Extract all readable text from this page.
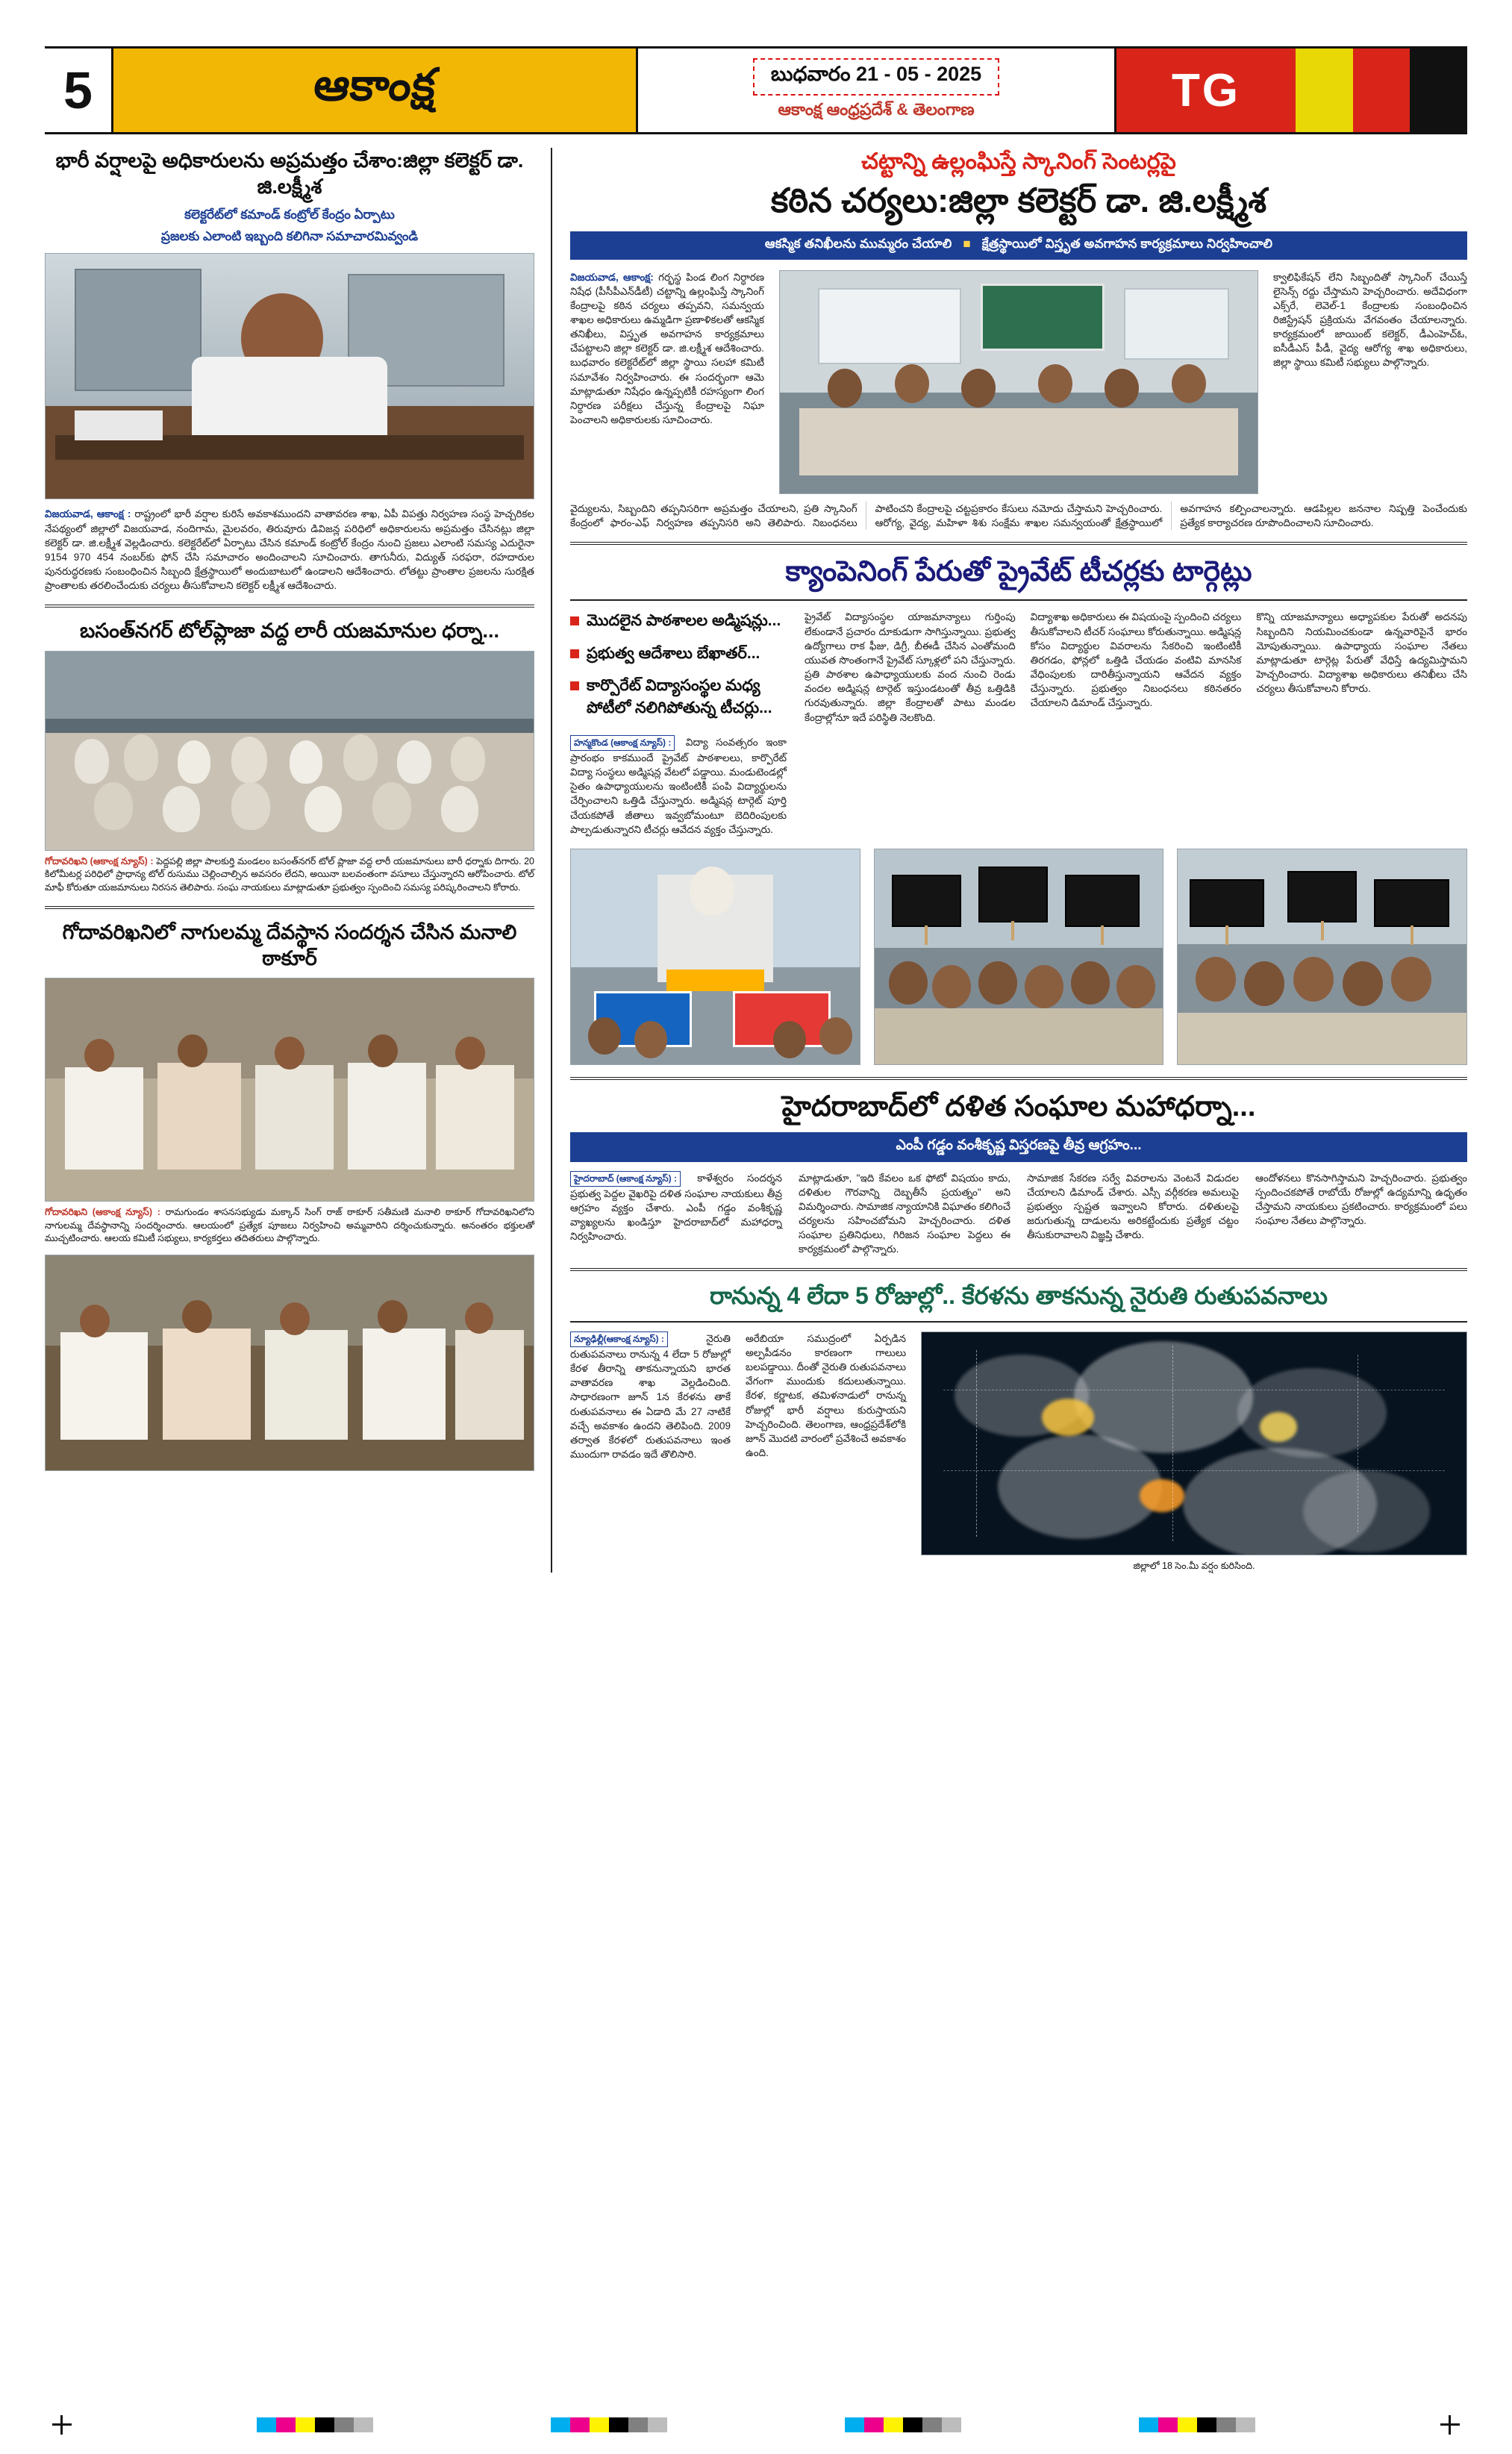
5	ఆకాంక్ష	బుధవారం 21 - 05 - 2025
ఆకాంక్ష ఆంధ్రప్రదేశ్ & తెలంగాణ	TG
భారీ వర్షాలపై అధికారులను అప్రమత్తం చేశాం:జిల్లా కలెక్టర్ డా. జి.లక్ష్మీశ
కలెక్టరేట్‌లో కమాండ్ కంట్రోల్ కేంద్రం ఏర్పాటు
ప్రజలకు ఎలాంటి ఇబ్బంది కలిగినా సమాచారమివ్వండి
విజయవాడ, ఆకాంక్ష : రాష్ట్రంలో భారీ వర్షాల కురిసే అవకాశముందని వాతావరణ శాఖ, ఏపీ విపత్తు నిర్వహణ సంస్థ హెచ్చరికల నేపథ్యంలో జిల్లాలో విజయవాడ, నందిగామ, మైలవరం, తిరువూరు డివిజన్ల పరిధిలో అధికారులను అప్రమత్తం చేసినట్లు జిల్లా కలెక్టర్ డా. జి.లక్ష్మీశ వెల్లడించారు. కలెక్టరేట్‌లో ఏర్పాటు చేసిన కమాండ్ కంట్రోల్ కేంద్రం నుంచి ప్రజలు ఎలాంటి సమస్య ఎదురైనా 9154 970 454 నంబర్‌కు ఫోన్ చేసి సమాచారం అందించాలని సూచించారు. తాగునీరు, విద్యుత్ సరఫరా, రహదారుల పునరుద్ధరణకు సంబంధించిన సిబ్బంది క్షేత్రస్థాయిలో అందుబాటులో ఉండాలని ఆదేశించారు. లోతట్టు ప్రాంతాల ప్రజలను సురక్షిత ప్రాంతాలకు తరలించేందుకు చర్యలు తీసుకోవాలని కలెక్టర్ లక్ష్మీశ ఆదేశించారు.
బసంత్‌నగర్ టోల్‌ప్లాజా వద్ద లారీ యజమానుల ధర్నా...
గోదావరిఖని (ఆకాంక్ష న్యూస్) : పెద్దపల్లి జిల్లా పాలకుర్తి మండలం బసంత్‌నగర్ టోల్ ప్లాజా వద్ద లారీ యజమానులు బారీ ధర్నాకు దిగారు. 20 కిలోమీటర్ల పరిధిలో ప్రాధాన్య టోల్ రుసుము చెల్లించాల్సిన అవసరం లేదని, అయినా బలవంతంగా వసూలు చేస్తున్నారని ఆరోపించారు. టోల్ మాఫీ కోరుతూ యజమానులు నిరసన తెలిపారు. సంఘ నాయకులు మాట్లాడుతూ ప్రభుత్వం స్పందించి సమస్య పరిష్కరించాలని కోరారు.
గోదావరిఖనిలో నాగులమ్మ దేవస్థాన సందర్శన చేసిన మనాలి ఠాకూర్
గోదావరిఖని (ఆకాంక్ష న్యూస్) : రామగుండం శాసనసభ్యుడు మక్కాన్ సింగ్ రాజ్ ఠాకూర్ సతీమణి మనాలి ఠాకూర్ గోదావరిఖనిలోని నాగులమ్మ దేవస్థానాన్ని సందర్శించారు. ఆలయంలో ప్రత్యేక పూజలు నిర్వహించి అమ్మవారిని దర్శించుకున్నారు. అనంతరం భక్తులతో ముచ్చటించారు. ఆలయ కమిటీ సభ్యులు, కార్యకర్తలు తదితరులు పాల్గొన్నారు.
చట్టాన్ని ఉల్లంఘిస్తే స్కానింగ్ సెంటర్లపై
కఠిన చర్యలు:జిల్లా కలెక్టర్ డా. జి.లక్ష్మీశ
ఆకస్మిక తనిఖీలను ముమ్మరం చేయాలి ■ క్షేత్రస్థాయిలో విస్తృత అవగాహన కార్యక్రమాలు నిర్వహించాలి
విజయవాడ, ఆకాంక్ష: గర్భస్థ పిండ లింగ నిర్ధారణ నిషేధ (పీసీపీఎన్‌డీటీ) చట్టాన్ని ఉల్లంఘిస్తే స్కానింగ్ కేంద్రాలపై కఠిన చర్యలు తప్పవని, సమన్వయ శాఖల అధికారులు ఉమ్మడిగా ప్రణాళికలతో ఆకస్మిక తనిఖీలు, విస్తృత అవగాహన కార్యక్రమాలు చేపట్టాలని జిల్లా కలెక్టర్ డా. జి.లక్ష్మీశ ఆదేశించారు. బుధవారం కలెక్టరేట్‌లో జిల్లా స్థాయి సలహా కమిటీ సమావేశం నిర్వహించారు. ఈ సందర్భంగా ఆమె మాట్లాడుతూ నిషేధం ఉన్నప్పటికీ రహస్యంగా లింగ నిర్ధారణ పరీక్షలు చేస్తున్న కేంద్రాలపై నిఘా పెంచాలని అధికారులకు సూచించారు.
క్వాలిఫికేషన్ లేని సిబ్బందితో స్కానింగ్ చేయిస్తే లైసెన్స్ రద్దు చేస్తామని హెచ్చరించారు. అదేవిధంగా ఎక్స్‌రే, లెవెల్-1 కేంద్రాలకు సంబంధించిన రిజిస్ట్రేషన్ ప్రక్రియను వేగవంతం చేయాలన్నారు. కార్యక్రమంలో జాయింట్ కలెక్టర్, డీఎంహెచ్‌ఓ, ఐసీడీఎస్ పీడీ, వైద్య ఆరోగ్య శాఖ అధికారులు, జిల్లా స్థాయి కమిటీ సభ్యులు పాల్గొన్నారు.
వైద్యులను, సిబ్బందిని తప్పనిసరిగా అప్రమత్తం చేయాలని, ప్రతి స్కానింగ్ కేంద్రంలో ఫారం-ఎఫ్ నిర్వహణ తప్పనిసరి అని తెలిపారు. నిబంధనలు పాటించని కేంద్రాలపై చట్టప్రకారం కేసులు నమోదు చేస్తామని హెచ్చరించారు. ఆరోగ్య, వైద్య, మహిళా శిశు సంక్షేమ శాఖల సమన్వయంతో క్షేత్రస్థాయిలో అవగాహన కల్పించాలన్నారు. ఆడపిల్లల జననాల నిష్పత్తి పెంచేందుకు ప్రత్యేక కార్యాచరణ రూపొందించాలని సూచించారు.
క్యాంపెనింగ్ పేరుతో ప్రైవేట్ టీచర్లకు టార్గెట్లు
మొదలైన పాఠశాలల అడ్మిషన్లు...
ప్రభుత్వ ఆదేశాలు బేఖాతర్...
కార్పొరేట్ విద్యాసంస్థల మధ్య పోటీలో నలిగిపోతున్న టీచర్లు...
ప్రైవేట్ విద్యాసంస్థల యాజమాన్యాలు గుర్తింపు లేకుండానే ప్రచారం దూకుడుగా సాగిస్తున్నాయి. ప్రభుత్వ ఉద్యోగాలు రాక ఫీజు, డిగ్రీ, బీఈడీ చేసిన ఎంతోమంది యువత సొంతంగానే ప్రైవేట్ స్కూళ్లలో పని చేస్తున్నారు. ప్రతి పాఠశాల ఉపాధ్యాయులకు వంద నుంచి రెండు వందల అడ్మిషన్ల టార్గెట్ ఇస్తుండటంతో తీవ్ర ఒత్తిడికి గురవుతున్నారు. జిల్లా కేంద్రాలతో పాటు మండల కేంద్రాల్లోనూ ఇదే పరిస్థితి నెలకొంది.
విద్యాశాఖ అధికారులు ఈ విషయంపై స్పందించి చర్యలు తీసుకోవాలని టీచర్ సంఘాలు కోరుతున్నాయి. అడ్మిషన్ల కోసం విద్యార్థుల వివరాలను సేకరించి ఇంటింటికీ తిరగడం, ఫోన్లలో ఒత్తిడి చేయడం వంటివి మానసిక వేధింపులకు దారితీస్తున్నాయని ఆవేదన వ్యక్తం చేస్తున్నారు. ప్రభుత్వం నిబంధనలు కఠినతరం చేయాలని డిమాండ్ చేస్తున్నారు.
కొన్ని యాజమాన్యాలు అధ్యాపకుల పేరుతో అదనపు సిబ్బందిని నియమించకుండా ఉన్నవారిపైనే భారం మోపుతున్నాయి. ఉపాధ్యాయ సంఘాల నేతలు మాట్లాడుతూ టార్గెట్ల పేరుతో వేధిస్తే ఉద్యమిస్తామని హెచ్చరించారు. విద్యాశాఖ అధికారులు తనిఖీలు చేసి చర్యలు తీసుకోవాలని కోరారు.
హన్మకొండ (ఆకాంక్ష న్యూస్) : విద్యా సంవత్సరం ఇంకా ప్రారంభం కాకముందే ప్రైవేట్ పాఠశాలలు, కార్పొరేట్ విద్యా సంస్థలు అడ్మిషన్ల వేటలో పడ్డాయి. మండుటెండల్లో సైతం ఉపాధ్యాయులను ఇంటింటికీ పంపి విద్యార్థులను చేర్పించాలని ఒత్తిడి చేస్తున్నారు. అడ్మిషన్ల టార్గెట్ పూర్తి చేయకపోతే జీతాలు ఇవ్వబోమంటూ బెదిరింపులకు పాల్పడుతున్నారని టీచర్లు ఆవేదన వ్యక్తం చేస్తున్నారు.
హైదరాబాద్‌లో దళిత సంఘాల మహాధర్నా...
ఎంపీ గడ్డం వంశీకృష్ణ విస్తరణపై తీవ్ర ఆగ్రహం...
హైదరాబాద్ (ఆకాంక్ష న్యూస్) : కాళేశ్వరం సందర్శన ప్రభుత్వ పెద్దల వైఖరిపై దళిత సంఘాల నాయకులు తీవ్ర ఆగ్రహం వ్యక్తం చేశారు. ఎంపీ గడ్డం వంశీకృష్ణ వ్యాఖ్యలను ఖండిస్తూ హైదరాబాద్‌లో మహాధర్నా నిర్వహించారు.
మాట్లాడుతూ, "ఇది కేవలం ఒక ఫోటో విషయం కాదు, దళితుల గౌరవాన్ని దెబ్బతీసే ప్రయత్నం" అని విమర్శించారు. సామాజిక న్యాయానికి విఘాతం కలిగించే చర్యలను సహించబోమని హెచ్చరించారు. దళిత సంఘాల ప్రతినిధులు, గిరిజన సంఘాల పెద్దలు ఈ కార్యక్రమంలో పాల్గొన్నారు.
సామాజిక సేకరణ సర్వే వివరాలను వెంటనే విడుదల చేయాలని డిమాండ్ చేశారు. ఎస్సీ వర్గీకరణ అమలుపై ప్రభుత్వం స్పష్టత ఇవ్వాలని కోరారు. దళితులపై జరుగుతున్న దాడులను అరికట్టేందుకు ప్రత్యేక చట్టం తీసుకురావాలని విజ్ఞప్తి చేశారు.
ఆందోళనలు కొనసాగిస్తామని హెచ్చరించారు. ప్రభుత్వం స్పందించకపోతే రాబోయే రోజుల్లో ఉద్యమాన్ని ఉధృతం చేస్తామని నాయకులు ప్రకటించారు. కార్యక్రమంలో పలు సంఘాల నేతలు పాల్గొన్నారు.
రానున్న 4 లేదా 5 రోజుల్లో.. కేరళను తాకనున్న నైరుతి రుతుపవనాలు
న్యూఢిల్లీ(ఆకాంక్ష న్యూస్) :	నైరుతి రుతుపవనాలు రానున్న 4 లేదా 5 రోజుల్లో కేరళ తీరాన్ని తాకనున్నాయని భారత వాతావరణ శాఖ వెల్లడించింది. సాధారణంగా జూన్ 1న కేరళను తాకే రుతుపవనాలు ఈ ఏడాది మే 27 నాటికే వచ్చే అవకాశం ఉందని తెలిపింది. 2009 తర్వాత కేరళలో రుతుపవనాలు ఇంత ముందుగా రావడం ఇదే తొలిసారి.
అరేబియా సముద్రంలో ఏర్పడిన అల్పపీడనం కారణంగా గాలులు బలపడ్డాయి. దీంతో నైరుతి రుతుపవనాలు వేగంగా ముందుకు కదులుతున్నాయి. కేరళ, కర్ణాటక, తమిళనాడులో రానున్న రోజుల్లో భారీ వర్షాలు కురుస్తాయని హెచ్చరించింది. తెలంగాణ, ఆంధ్రప్రదేశ్‌లోకి జూన్ మొదటి వారంలో ప్రవేశించే అవకాశం ఉంది.
జిల్లాలో 18 సెం.మీ వర్షం కురిసింది.
